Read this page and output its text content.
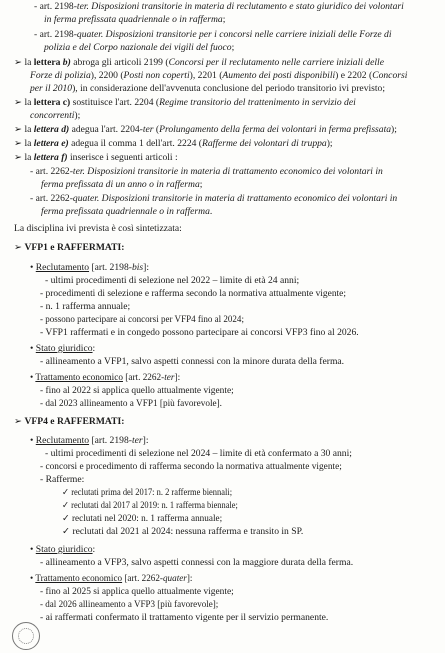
- art. 2198-ter. Disposizioni transitorie in materia di reclutamento e stato giuridico dei volontari
in ferma prefissata quadriennale o in rafferma;
- art. 2198-quater. Disposizioni transitorie per i concorsi nelle carriere iniziali delle Forze di
polizia e del Corpo nazionale dei vigili del fuoco;
➢ la lettera b) abroga gli articoli 2199 (Concorsi per il reclutamento nelle carriere iniziali delle
Forze di polizia), 2200 (Posti non coperti), 2201 (Aumento dei posti disponibili) e 2202 (Concorsi
per il 2010), in considerazione dell'avvenuta conclusione del periodo transitorio ivi previsto;
➢ la lettera c) sostituisce l'art. 2204 (Regime transitorio del trattenimento in servizio dei
concorrenti);
➢ la lettera d) adegua l'art. 2204-ter (Prolungamento della ferma dei volontari in ferma prefissata);
➢ la lettera e) adegua il comma 1 dell'art. 2224 (Rafferme dei volontari di truppa);
➢ la lettera f) inserisce i seguenti articoli :
- art. 2262-ter. Disposizioni transitorie in materia di trattamento economico dei volontari in
ferma prefissata di un anno o in rafferma;
- art. 2262-quater. Disposizioni transitorie in materia di trattamento economico dei volontari in
ferma prefissata quadriennale o in rafferma.
La disciplina ivi prevista è così sintetizzata:
➢ VFP1 e RAFFERMATI:
• Reclutamento [art. 2198-bis]:
- ultimi procedimenti di selezione nel 2022 – limite di età 24 anni;
- procedimenti di selezione e rafferma secondo la normativa attualmente vigente;
- n. 1 rafferma annuale;
- possono partecipare ai concorsi per VFP4 fino al 2024;
- VFP1 raffermati e in congedo possono partecipare ai concorsi VFP3 fino al 2026.
• Stato giuridico:
- allineamento a VFP1, salvo aspetti connessi con la minore durata della ferma.
• Trattamento economico [art. 2262-ter]:
- fino al 2022 si applica quello attualmente vigente;
- dal 2023 allineamento a VFP1 [più favorevole].
➢ VFP4 e RAFFERMATI:
• Reclutamento [art. 2198-ter]:
- ultimi procedimenti di selezione nel 2024 – limite di età confermato a 30 anni;
- concorsi e procedimento di rafferma secondo la normativa attualmente vigente;
- Rafferme:
✓ reclutati prima del 2017: n. 2 rafferme biennali;
✓ reclutati dal 2017 al 2019: n. 1 rafferma biennale;
✓ reclutati nel 2020: n. 1 rafferma annuale;
✓ reclutati dal 2021 al 2024: nessuna rafferma e transito in SP.
• Stato giuridico:
- allineamento a VFP3, salvo aspetti connessi con la maggiore durata della ferma.
• Trattamento economico [art. 2262-quater]:
- fino al 2025 si applica quello attualmente vigente;
- dal 2026 allineamento a VFP3 [più favorevole];
- ai raffermati confermato il trattamento vigente per il servizio permanente.
